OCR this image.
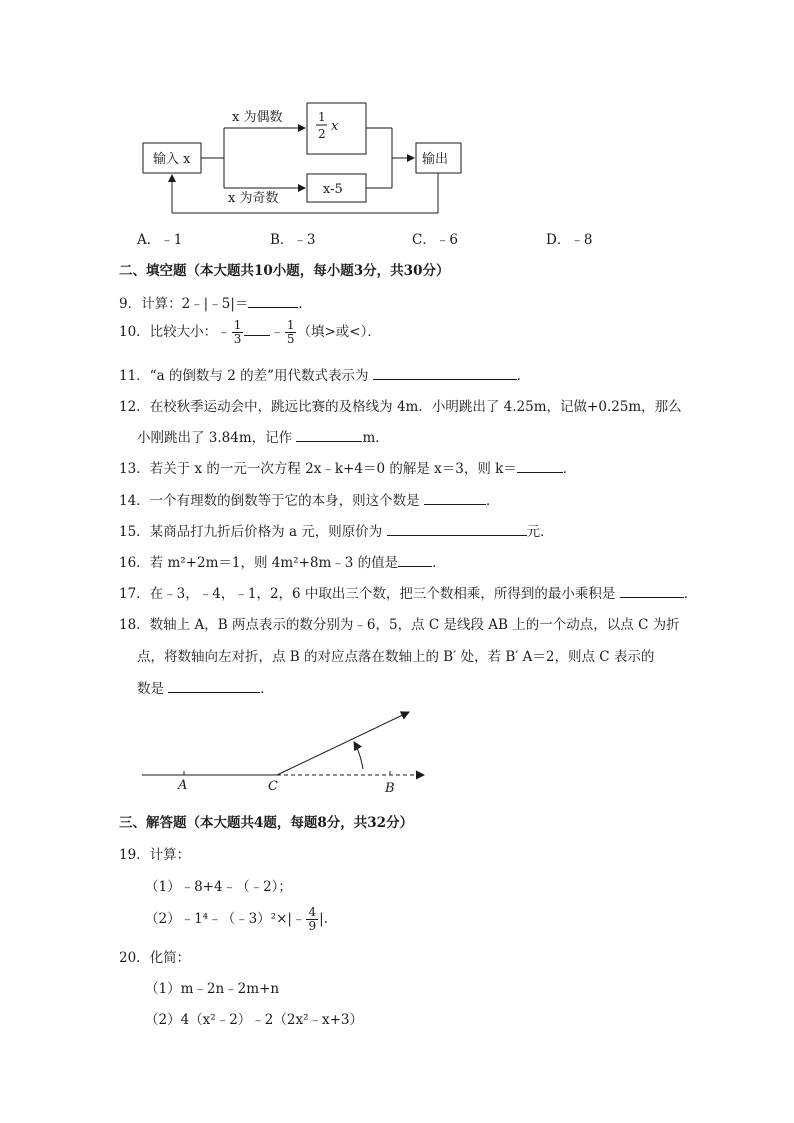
输入 x
x 为偶数
x 为奇数
1
2 x
x-5
输出
A．﹣1	B．﹣3	C．﹣6	D．﹣8
二、填空题（本大题共10小题，每小题3分，共30分）
9．计算：2﹣|﹣5|＝	．
10．比较大小：﹣ $\frac{1}{3}$ ﹣ $\frac{1}{5}$ （填>或<）．
11．“a 的倒数与 2 的差”用代数式表示为	．
12．在校秋季运动会中，跳远比赛的及格线为 4m．小明跳出了 4.25m，记做+0.25m，那么
小刚跳出了 3.84m，记作	m．
13．若关于 x 的一元一次方程 2x﹣k+4＝0 的解是 x＝3，则 k＝	．
14．一个有理数的倒数等于它的本身，则这个数是	．
15．某商品打九折后价格为 a 元，则原价为	元．
16．若 m²+2m＝1，则 4m²+8m﹣3 的值是	．
17．在﹣3，﹣4，﹣1，2，6 中取出三个数，把三个数相乘，所得到的最小乘积是	．
18．数轴上 A，B 两点表示的数分别为﹣6，5，点 C 是线段 AB 上的一个动点，以点 C 为折
点，将数轴向左对折，点 B 的对应点落在数轴上的 B′ 处，若 B′ A＝2，则点 C 表示的
数是	．
A	C	B
三、解答题（本大题共4题，每题8分，共32分）
19．计算：
（1）﹣8+4﹣（﹣2）；
（2）﹣1⁴﹣（﹣3）²×|﹣ $\frac{4}{9}$ |.
20．化简：
（1）m﹣2n﹣2m+n
（2）4（x²﹣2）﹣2（2x²﹣x+3）
